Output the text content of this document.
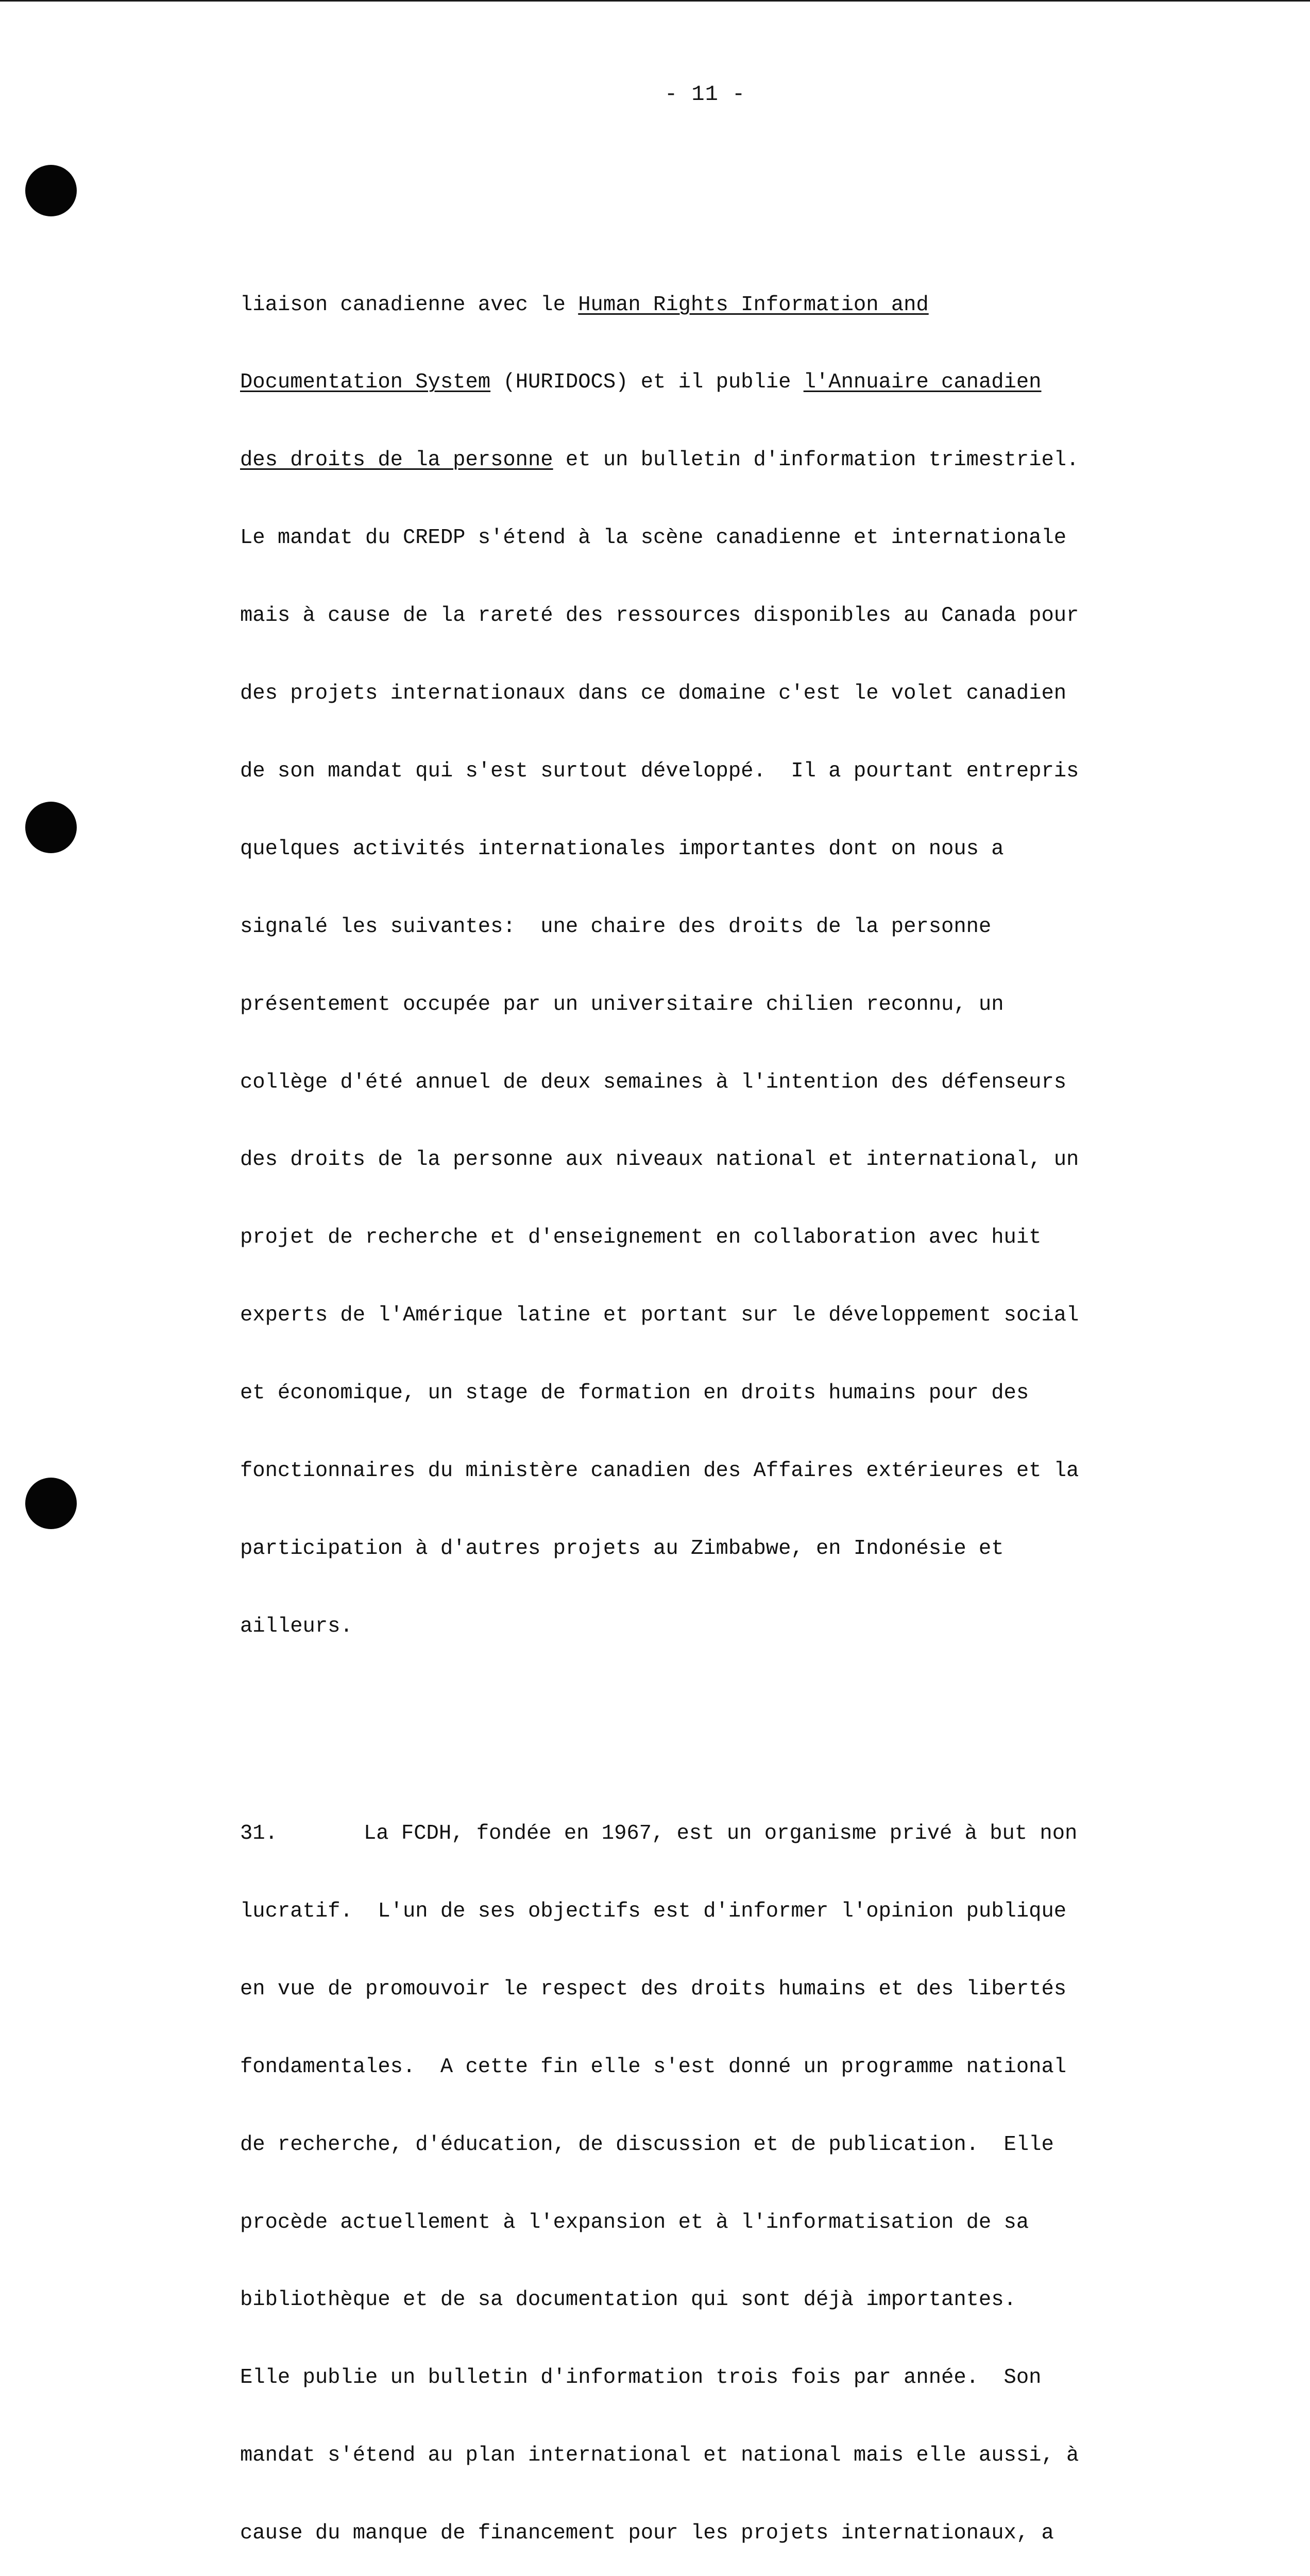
- 11 -

liaison canadienne avec le Human Rights Information and

Documentation System (HURIDOCS) et il publie l'Annuaire canadien

des droits de la personne et un bulletin d'information trimestriel.

Le mandat du CREDP s'étend à la scène canadienne et internationale

mais à cause de la rareté des ressources disponibles au Canada pour

des projets internationaux dans ce domaine c'est le volet canadien

de son mandat qui s'est surtout développé.  Il a pourtant entrepris

quelques activités internationales importantes dont on nous a

signalé les suivantes:  une chaire des droits de la personne

présentement occupée par un universitaire chilien reconnu, un

collège d'été annuel de deux semaines à l'intention des défenseurs

des droits de la personne aux niveaux national et international, un

projet de recherche et d'enseignement en collaboration avec huit

experts de l'Amérique latine et portant sur le développement social

et économique, un stage de formation en droits humains pour des

fonctionnaires du ministère canadien des Affaires extérieures et la

participation à d'autres projets au Zimbabwe, en Indonésie et

ailleurs.

31.	La FCDH, fondée en 1967, est un organisme privé à but non

lucratif.  L'un de ses objectifs est d'informer l'opinion publique

en vue de promouvoir le respect des droits humains et des libertés

fondamentales.  A cette fin elle s'est donné un programme national

de recherche, d'éducation, de discussion et de publication.  Elle

procède actuellement à l'expansion et à l'informatisation de sa

bibliothèque et de sa documentation qui sont déjà importantes.

Elle publie un bulletin d'information trois fois par année.  Son

mandat s'étend au plan international et national mais elle aussi, à

cause du manque de financement pour les projets internationaux, a
